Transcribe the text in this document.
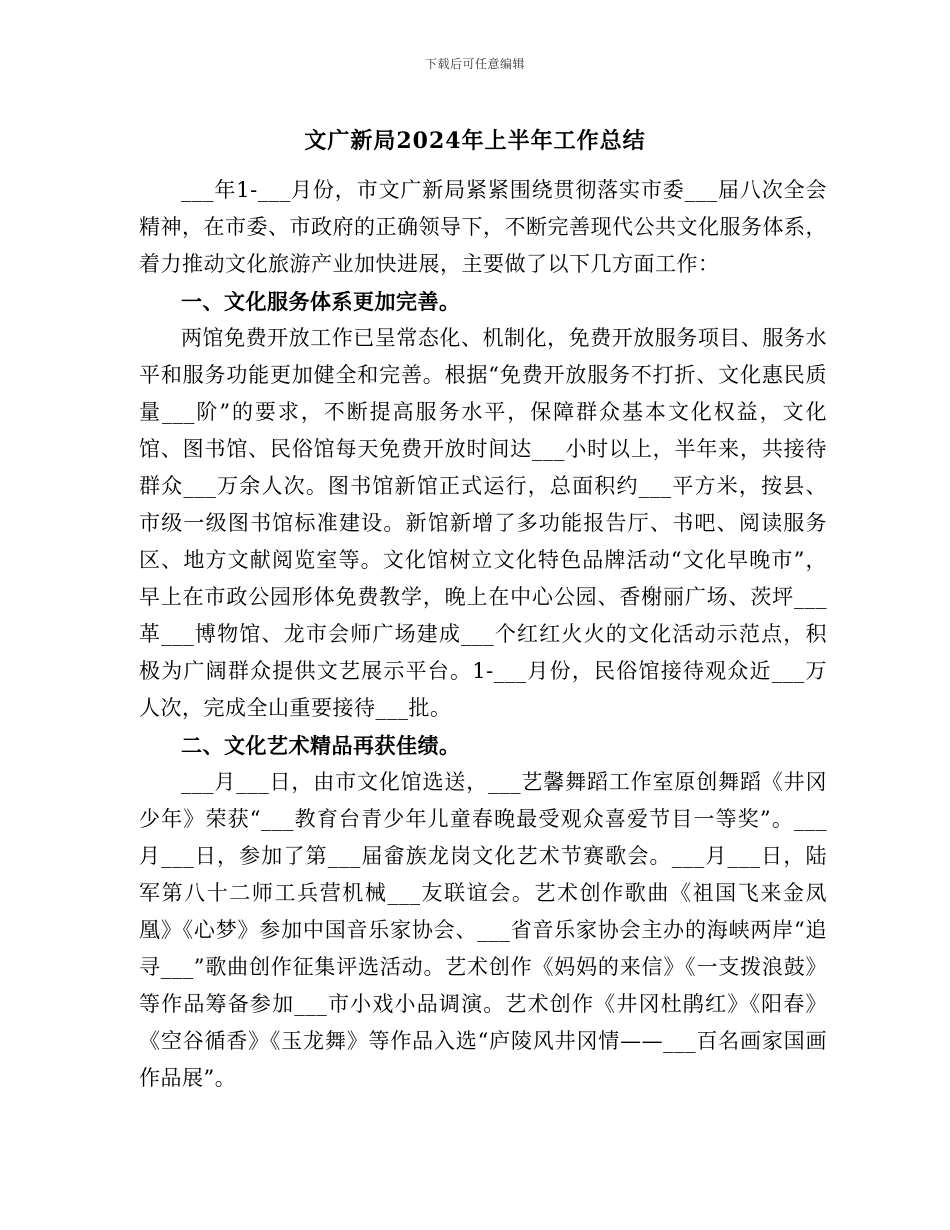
下载后可任意编辑
文广新局2024年上半年工作总结

___年1-___月份，市文广新局紧紧围绕贯彻落实市委___届八次全会精神，在市委、市政府的正确领导下，不断完善现代公共文化服务体系，着力推动文化旅游产业加快进展，主要做了以下几方面工作：

一、文化服务体系更加完善。

两馆免费开放工作已呈常态化、机制化，免费开放服务项目、服务水平和服务功能更加健全和完善。根据“免费开放服务不打折、文化惠民质量___阶”的要求，不断提高服务水平，保障群众基本文化权益，文化馆、图书馆、民俗馆每天免费开放时间达___小时以上，半年来，共接待群众___万余人次。图书馆新馆正式运行，总面积约___平方米，按县、市级一级图书馆标准建设。新馆新增了多功能报告厅、书吧、阅读服务区、地方文献阅览室等。文化馆树立文化特色品牌活动“文化早晚市”，早上在市政公园形体免费教学，晚上在中心公园、香榭丽广场、茨坪___革___博物馆、龙市会师广场建成___个红红火火的文化活动示范点，积极为广阔群众提供文艺展示平台。1-___月份，民俗馆接待观众近___万人次，完成全山重要接待___批。

二、文化艺术精品再获佳绩。

___月___日，由市文化馆选送，___艺馨舞蹈工作室原创舞蹈《井冈少年》荣获“___教育台青少年儿童春晚最受观众喜爱节目一等奖”。___月___日，参加了第___届畲族龙岗文化艺术节赛歌会。___月___日，陆军第八十二师工兵营机械___友联谊会。艺术创作歌曲《祖国飞来金凤凰》《心梦》参加中国音乐家协会、___省音乐家协会主办的海峡两岸“追寻___”歌曲创作征集评选活动。艺术创作《妈妈的来信》《一支拨浪鼓》等作品筹备参加___市小戏小品调演。艺术创作《井冈杜鹃红》《阳春》《空谷循香》《玉龙舞》等作品入选“庐陵风井冈情——___百名画家国画作品展”。
